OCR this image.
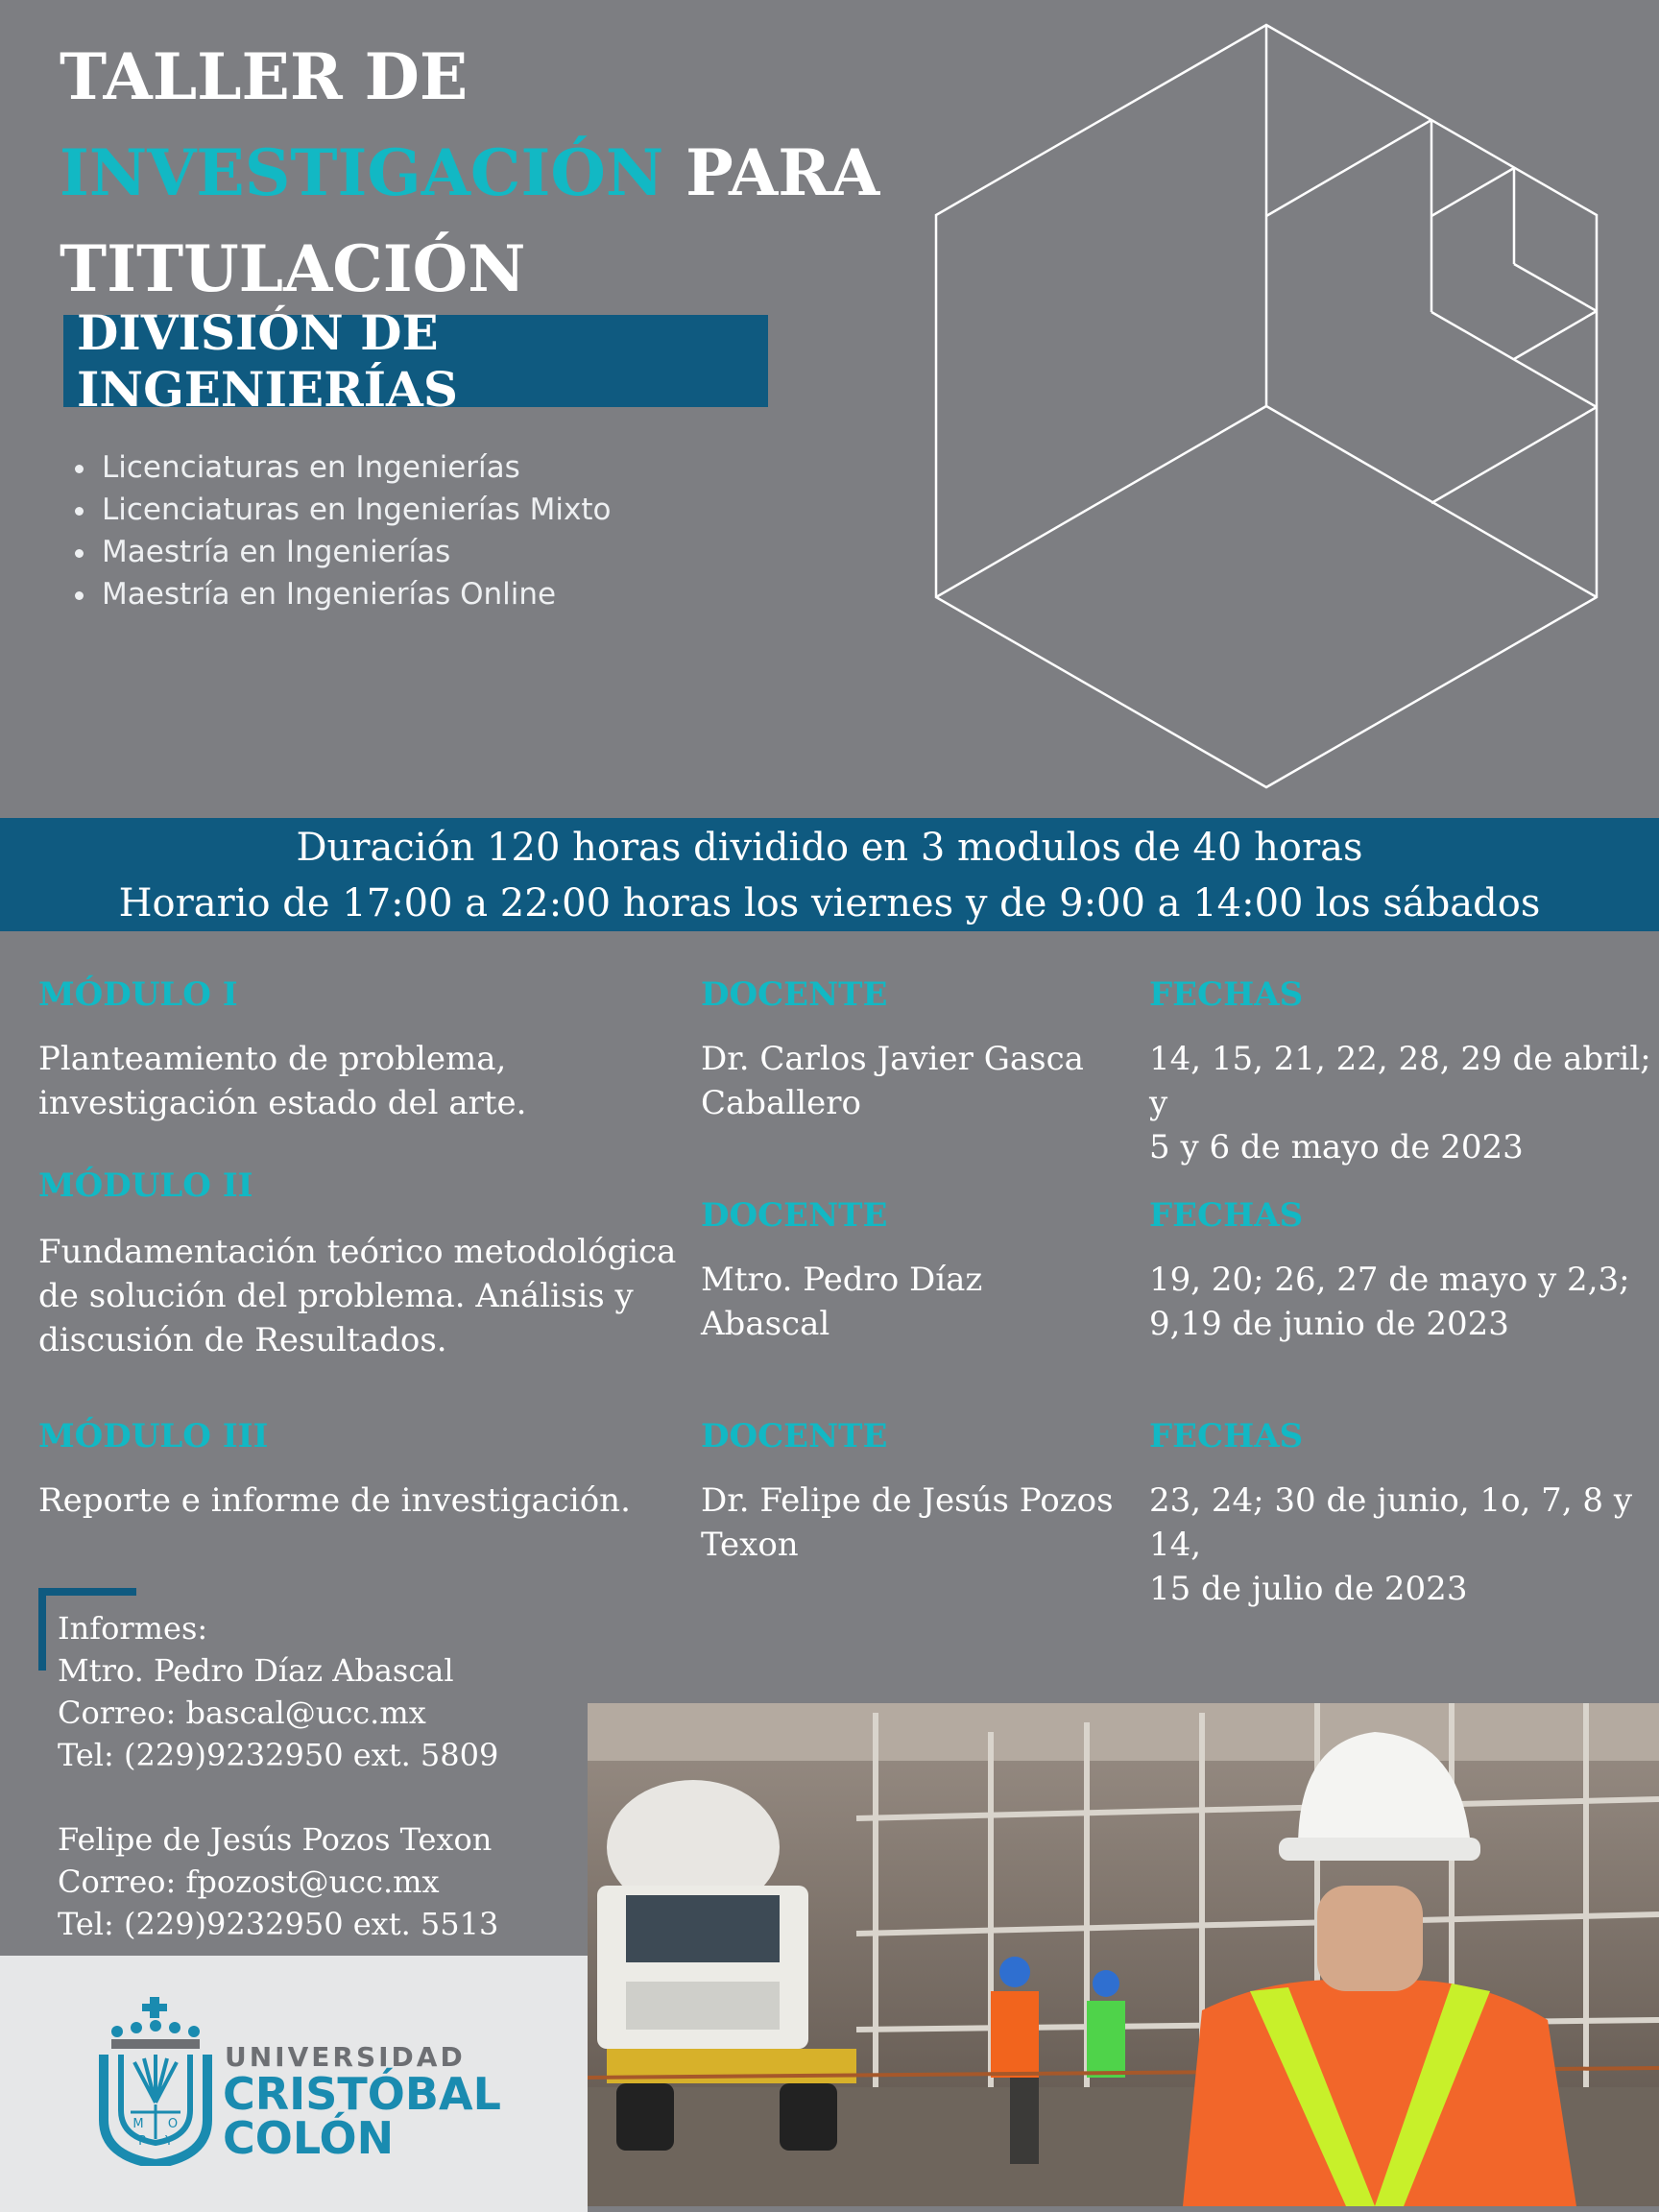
TALLER DE
INVESTIGACIÓN PARA
TITULACIÓN
DIVISIÓN DE INGENIERÍAS
Licenciaturas en Ingenierías
Licenciaturas en Ingenierías Mixto
Maestría en Ingenierías
Maestría en Ingenierías Online
Duración 120 horas dividido en 3 modulos de 40 horas
Horario de 17:00 a 22:00 horas los viernes y de 9:00 a 14:00 los sábados
MÓDULO I
Planteamiento de problema,
investigación estado del arte.
DOCENTE
Dr. Carlos Javier Gasca
Caballero
FECHAS
14, 15, 21, 22, 28, 29 de abril; y
5 y 6 de mayo de 2023
MÓDULO II
Fundamentación teórico metodológica
de solución del problema. Análisis y
discusión de Resultados.
DOCENTE
Mtro. Pedro Díaz
Abascal
FECHAS
19, 20; 26, 27 de mayo y 2,3;
9,19 de junio de 2023
MÓDULO III
Reporte e informe de investigación.
DOCENTE
Dr. Felipe de Jesús Pozos
Texon
FECHAS
23, 24; 30 de junio, 1o, 7, 8 y 14,
15 de julio de 2023
Informes:
Mtro. Pedro Díaz Abascal
Correo: bascal@ucc.mx
Tel: (229)9232950 ext. 5809
Felipe de Jesús Pozos Texon
Correo: fpozost@ucc.mx
Tel: (229)9232950 ext. 5513
M O
P Y
UNIVERSIDAD
CRISTÓBAL
COLÓN
